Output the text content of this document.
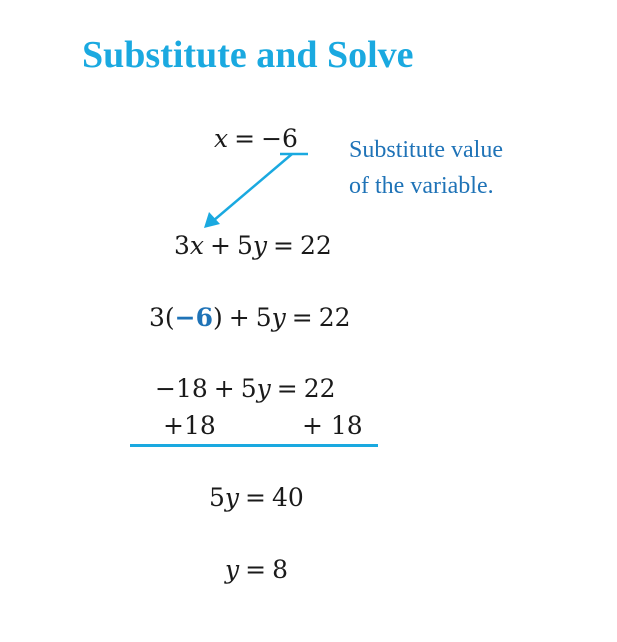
Substitute and Solve
x = −6 Substitute value
of the variable.
3x + 5y = 22
3(−6) + 5y = 22
−18 + 5y = 22
+18	+ 18
5y = 40
y = 8
